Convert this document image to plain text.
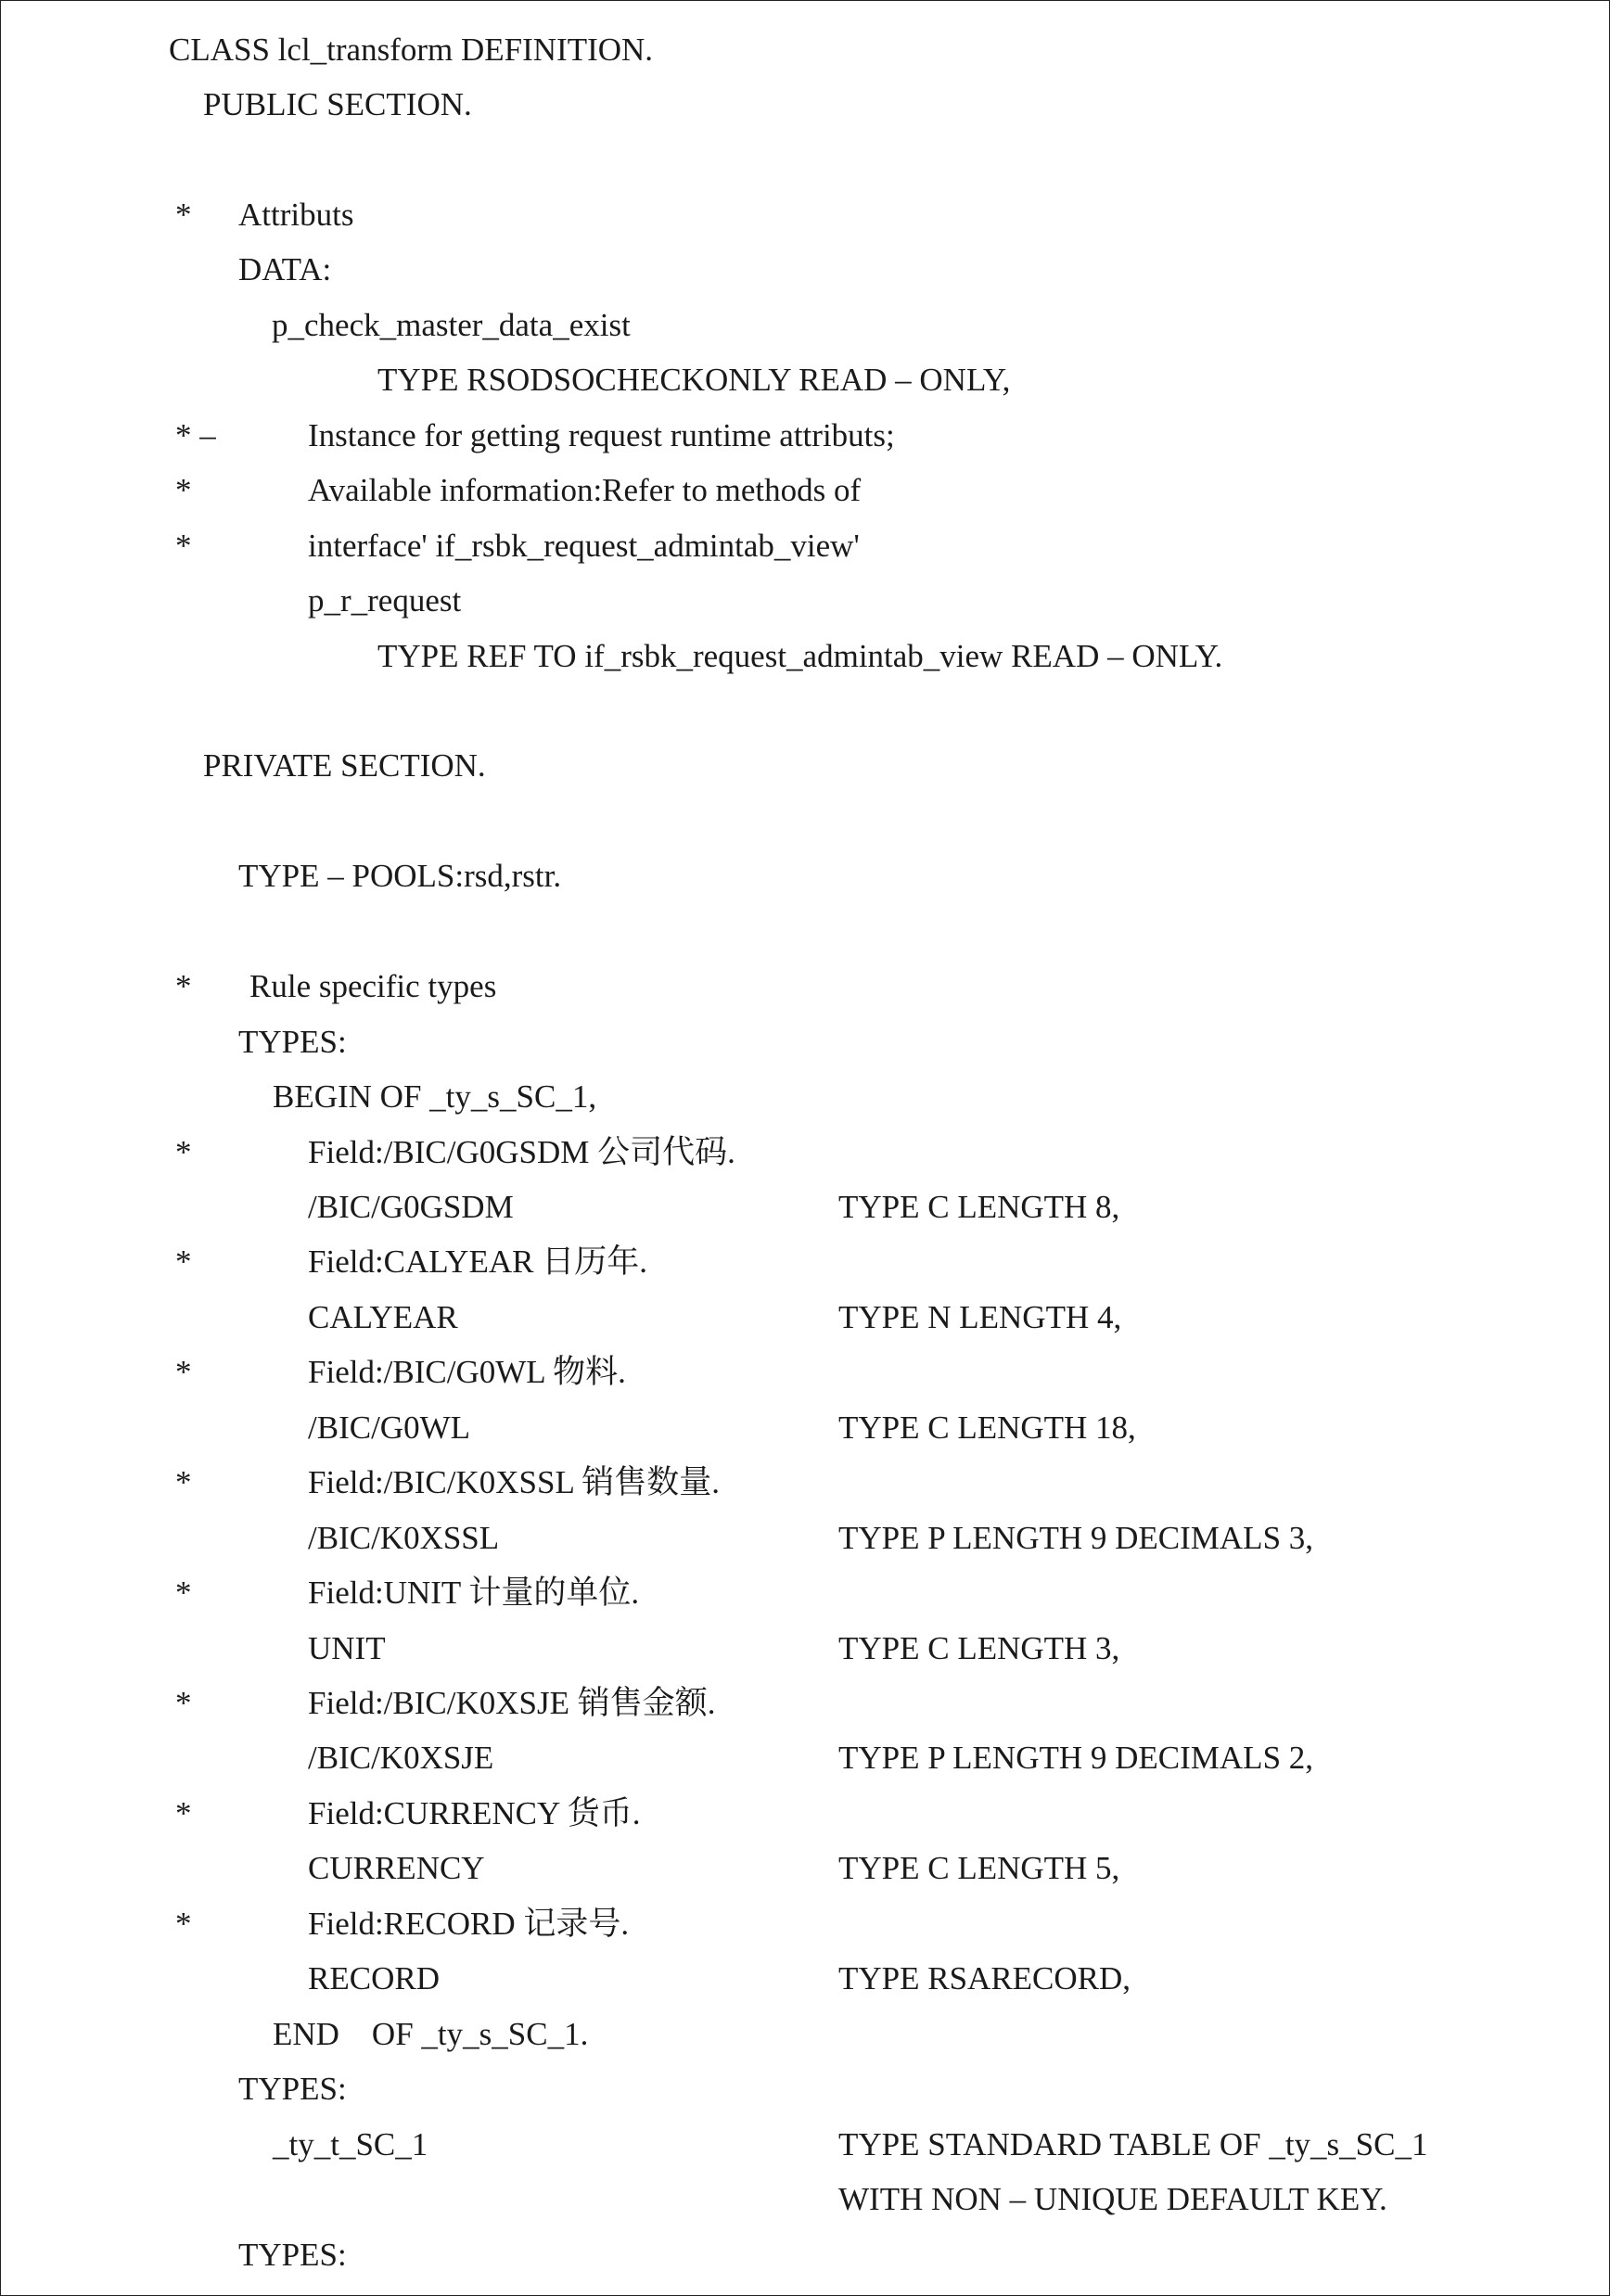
CLASS lcl_transform DEFINITION.
PUBLIC SECTION.
* Attributs
DATA:
p_check_master_data_exist
TYPE RSODSOCHECKONLY READ – ONLY,
* –	Instance for getting request runtime attributs;
*	Available information:Refer to methods of
*	interface' if_rsbk_request_admintab_view'
p_r_request
TYPE REF TO if_rsbk_request_admintab_view READ – ONLY.
PRIVATE SECTION.
TYPE – POOLS:rsd,rstr.
* Rule specific types
TYPES:
BEGIN OF _ty_s_SC_1,
*	Field:/BIC/G0GSDM 公司代码.
/BIC/G0GSDM	TYPE C LENGTH 8,
*	Field:CALYEAR 日历年.
CALYEAR	TYPE N LENGTH 4,
*	Field:/BIC/G0WL 物料.
/BIC/G0WL	TYPE C LENGTH 18,
*	Field:/BIC/K0XSSL 销售数量.
/BIC/K0XSSL	TYPE P LENGTH 9 DECIMALS 3,
*	Field:UNIT 计量的单位.
UNIT	TYPE C LENGTH 3,
*	Field:/BIC/K0XSJE 销售金额.
/BIC/K0XSJE	TYPE P LENGTH 9 DECIMALS 2,
*	Field:CURRENCY 货币.
CURRENCY	TYPE C LENGTH 5,
*	Field:RECORD 记录号.
RECORD	TYPE RSARECORD,
END    OF _ty_s_SC_1.
TYPES:
_ty_t_SC_1	TYPE STANDARD TABLE OF _ty_s_SC_1
WITH NON – UNIQUE DEFAULT KEY.
TYPES:
